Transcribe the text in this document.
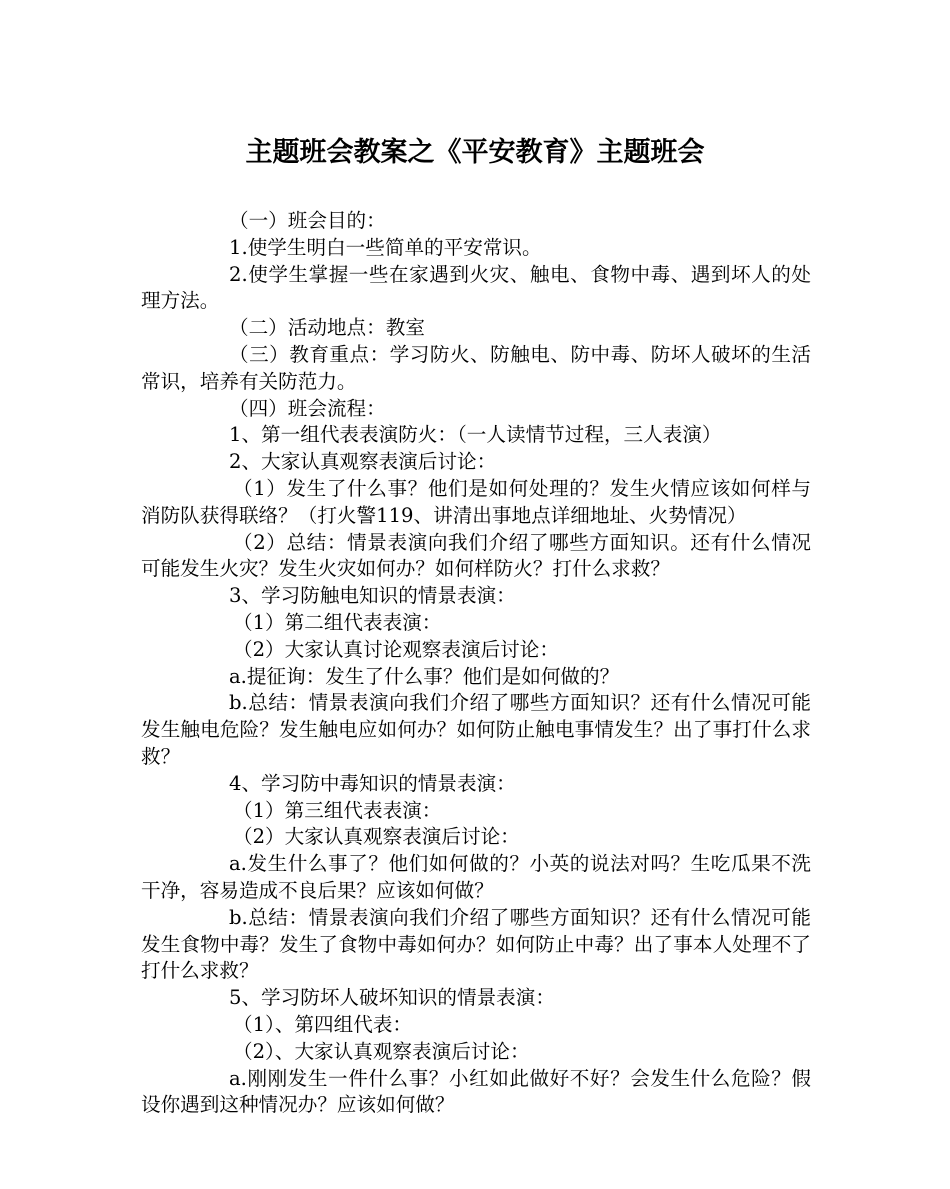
主题班会教案之《平安教育》主题班会

（一）班会目的：

1.使学生明白一些简单的平安常识。

2.使学生掌握一些在家遇到火灾、触电、食物中毒、遇到坏人的处理方法。

（二）活动地点：教室

（三）教育重点：学习防火、防触电、防中毒、防坏人破坏的生活常识，培养有关防范力。

（四）班会流程：

1、第一组代表表演防火：（一人读情节过程，三人表演）

2、大家认真观察表演后讨论：

（1）发生了什么事？他们是如何处理的？发生火情应该如何样与消防队获得联络？（打火警119、讲清出事地点详细地址、火势情况）

（2）总结：情景表演向我们介绍了哪些方面知识。还有什么情况可能发生火灾？发生火灾如何办？如何样防火？打什么求救？

3、学习防触电知识的情景表演：

（1）第二组代表表演：

（2）大家认真讨论观察表演后讨论：

a.提征询：发生了什么事？他们是如何做的？

b.总结：情景表演向我们介绍了哪些方面知识？还有什么情况可能发生触电危险？发生触电应如何办？如何防止触电事情发生？出了事打什么求救？

4、学习防中毒知识的情景表演：

（1）第三组代表表演：

（2）大家认真观察表演后讨论：

a.发生什么事了？他们如何做的？小英的说法对吗？生吃瓜果不洗干净，容易造成不良后果？应该如何做？

b.总结：情景表演向我们介绍了哪些方面知识？还有什么情况可能发生食物中毒？发生了食物中毒如何办？如何防止中毒？出了事本人处理不了打什么求救？

5、学习防坏人破坏知识的情景表演：

（1）、第四组代表：

（2）、大家认真观察表演后讨论：

a.刚刚发生一件什么事？小红如此做好不好？会发生什么危险？假设你遇到这种情况办？应该如何做？
